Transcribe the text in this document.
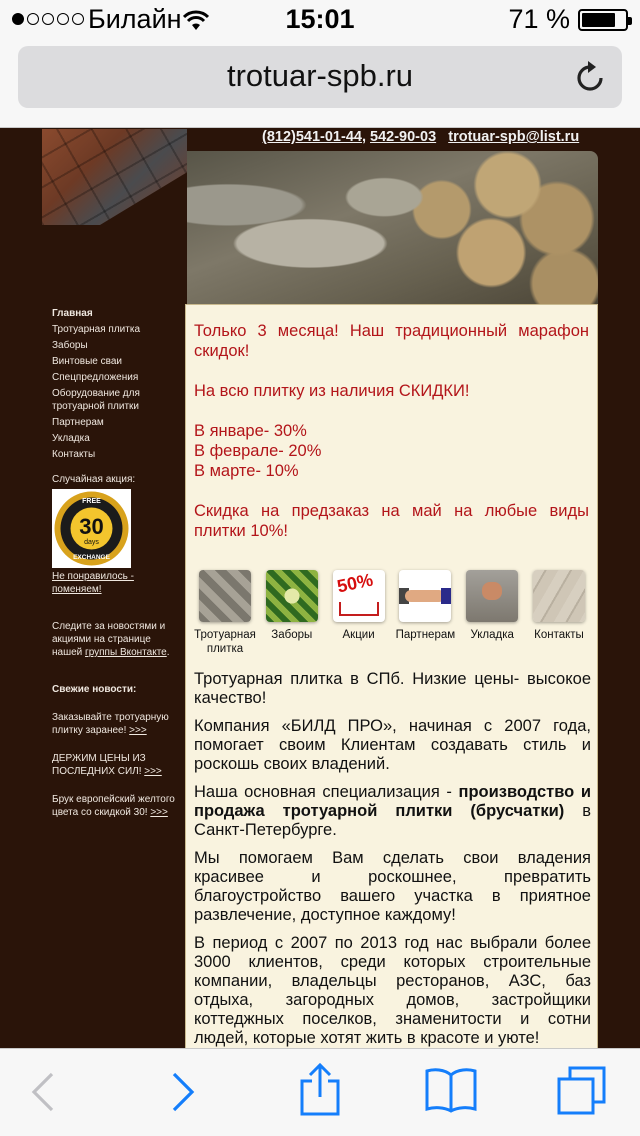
Билайн	15:01	71 %
trotuar-spb.ru
(812)541-01-44, 542-90-03 trotuar-spb@list.ru
Главная
Тротуарная плитка
Заборы
Винтовые сваи
Спецпредложения
Оборудование для тротуарной плитки
Партнерам
Укладка
Контакты
Случайная акция:
FREE
30
days
EXCHANGE
Не понравилось - поменяем!
Следите за новостями и акциями на странице нашей группы Вконтакте.
Свежие новости:
Заказывайте тротуарную плитку заранее! >>>
ДЕРЖИМ ЦЕНЫ ИЗ ПОСЛЕДНИХ СИЛ! >>>
Брук европейский желтого цвета со скидкой 30! >>>

Только 3 месяца! Наш традиционный марафон скидок!

На всю плитку из наличия СКИДКИ!

В январе- 30%

В феврале- 20%

В марте- 10%

Скидка на предзаказ на май на любые виды плитки 10%!

Тротуарная плитка
Заборы
50%
Акции	Партнерам	Укладка	Контакты

Тротуарная плитка в СПб. Низкие цены- высокое качество!

Компания «БИЛД ПРО», начиная с 2007 года, помогает своим Клиентам создавать стиль и роскошь своих владений.

Наша основная специализация - производство и продажа тротуарной плитки (брусчатки) в Санкт-Петербурге.

Мы помогаем Вам сделать свои владения красивее и роскошнее, превратить благоустройство вашего участка в приятное развлечение, доступное каждому!

В период с 2007 по 2013 год нас выбрали более 3000 клиентов, среди которых строительные компании, владельцы ресторанов, АЗС, баз отдыха, загородных домов, застройщики коттеджных поселков, знаменитости и сотни людей, которые хотят жить в красоте и уюте!
